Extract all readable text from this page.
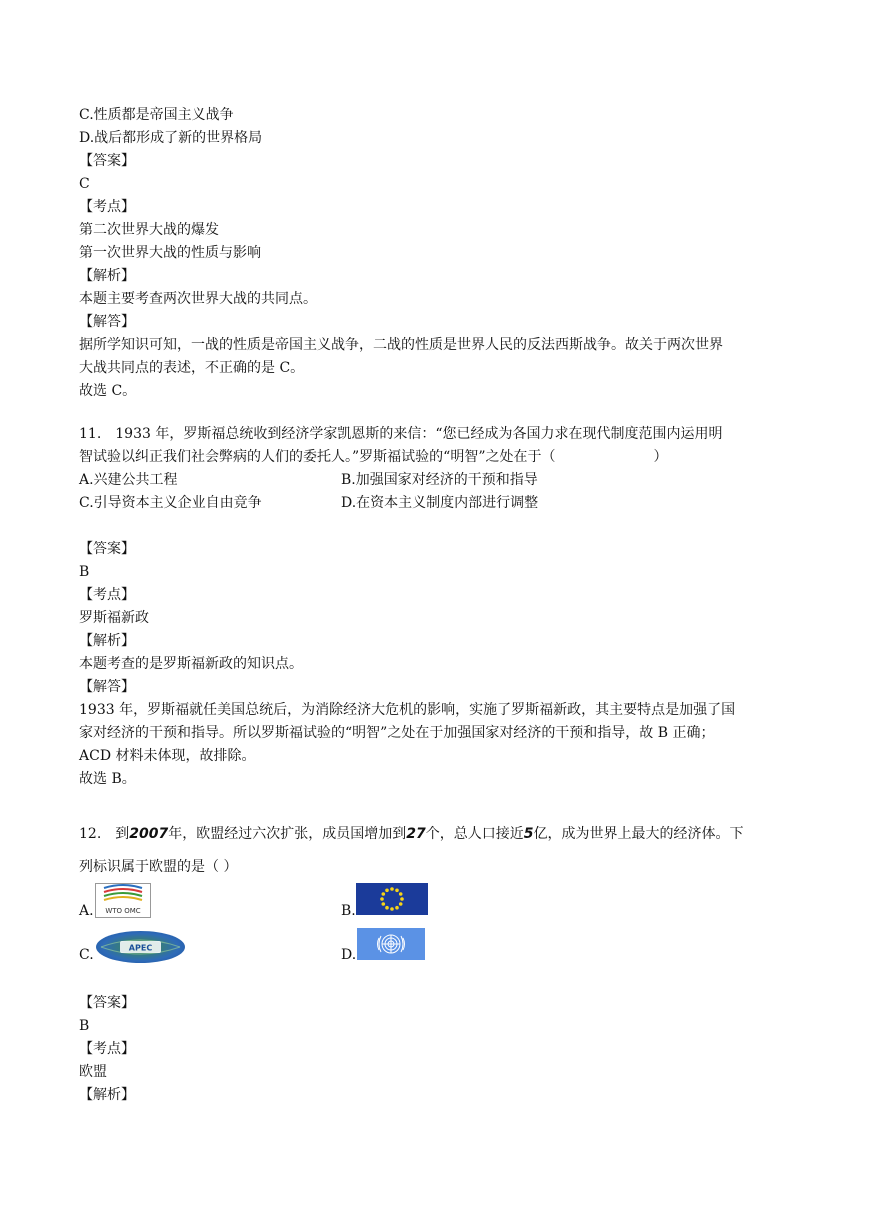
C.性质都是帝国主义战争
D.战后都形成了新的世界格局
【答案】
C
【考点】
第二次世界大战的爆发
第一次世界大战的性质与影响
【解析】
本题主要考查两次世界大战的共同点。
【解答】
据所学知识可知，一战的性质是帝国主义战争，二战的性质是世界人民的反法西斯战争。故关于两次世界
大战共同点的表述，不正确的是 C。
故选 C。
11.　1933 年，罗斯福总统收到经济学家凯恩斯的来信：“您已经成为各国力求在现代制度范围内运用明
智试验以纠正我们社会弊病的人们的委托人。”罗斯福试验的“明智”之处在于（　　　　　　　）
A.兴建公共工程	B.加强国家对经济的干预和指导
C.引导资本主义企业自由竞争	D.在资本主义制度内部进行调整
【答案】
B
【考点】
罗斯福新政
【解析】
本题考查的是罗斯福新政的知识点。
【解答】
1933 年，罗斯福就任美国总统后，为消除经济大危机的影响，实施了罗斯福新政，其主要特点是加强了国
家对经济的干预和指导。所以罗斯福试验的“明智”之处在于加强国家对经济的干预和指导，故 B 正确；
ACD 材料未体现，故排除。
故选 B。
12.　到2007年，欧盟经过六次扩张，成员国增加到27个，总人口接近5亿，成为世界上最大的经济体。下
列标识属于欧盟的是（ ）
A. WTO OMC	B.
C.	APEC	D.
【答案】
B
【考点】
欧盟
【解析】
